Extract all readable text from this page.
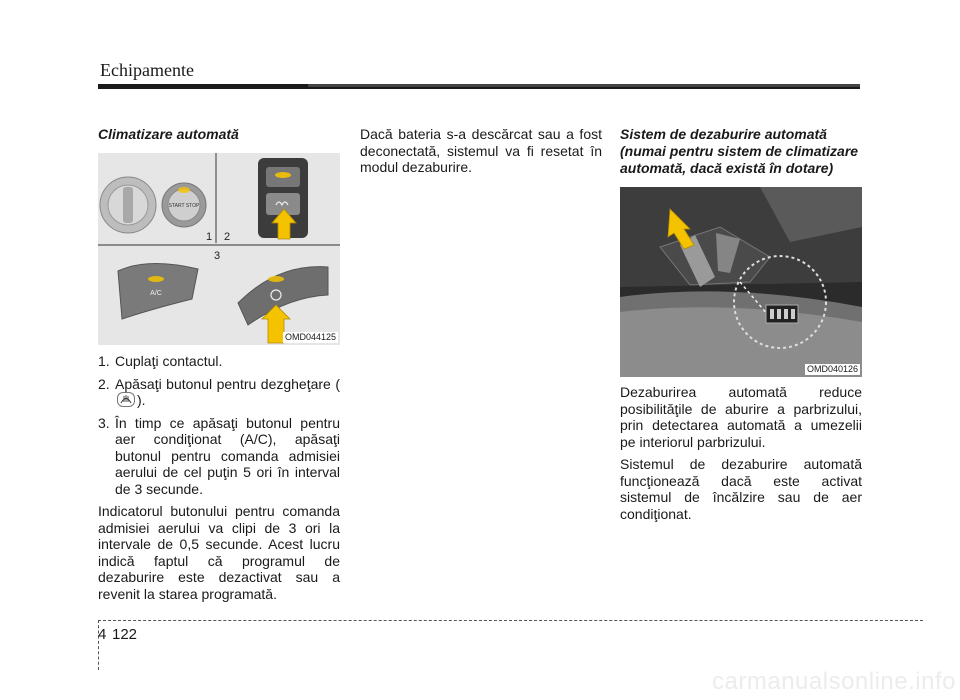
Echipamente
Climatizare automată
START STOP
1 2
3
A/C
OMD044125
1. Cuplaţi contactul.
2. Apăsaţi butonul pentru dezgheţare (
).
3. În timp ce apăsaţi butonul pentru aer condiţionat (A/C), apăsaţi butonul pentru comanda admisiei aerului de cel puţin 5 ori în interval de 3 secunde.

Indicatorul butonului pentru comanda admisiei aerului va clipi de 3 ori la intervale de 0,5 secunde. Acest lucru indică faptul că programul de dezaburire este dezactivat sau a revenit la starea programată.

Dacă bateria s-a descărcat sau a fost deconectată, sistemul va fi resetat în modul dezaburire.

Sistem de dezaburire automată (numai pentru sistem de climatizare automată, dacă există în dotare)
OMD040126

Dezaburirea automată reduce posibilităţile de aburire a parbrizului, prin detectarea automată a umezelii pe interiorul parbrizului.

Sistemul de dezaburire automată funcţionează dacă este activat sistemul de încălzire sau de aer condiţionat.

4 122
carmanualsonline.info
